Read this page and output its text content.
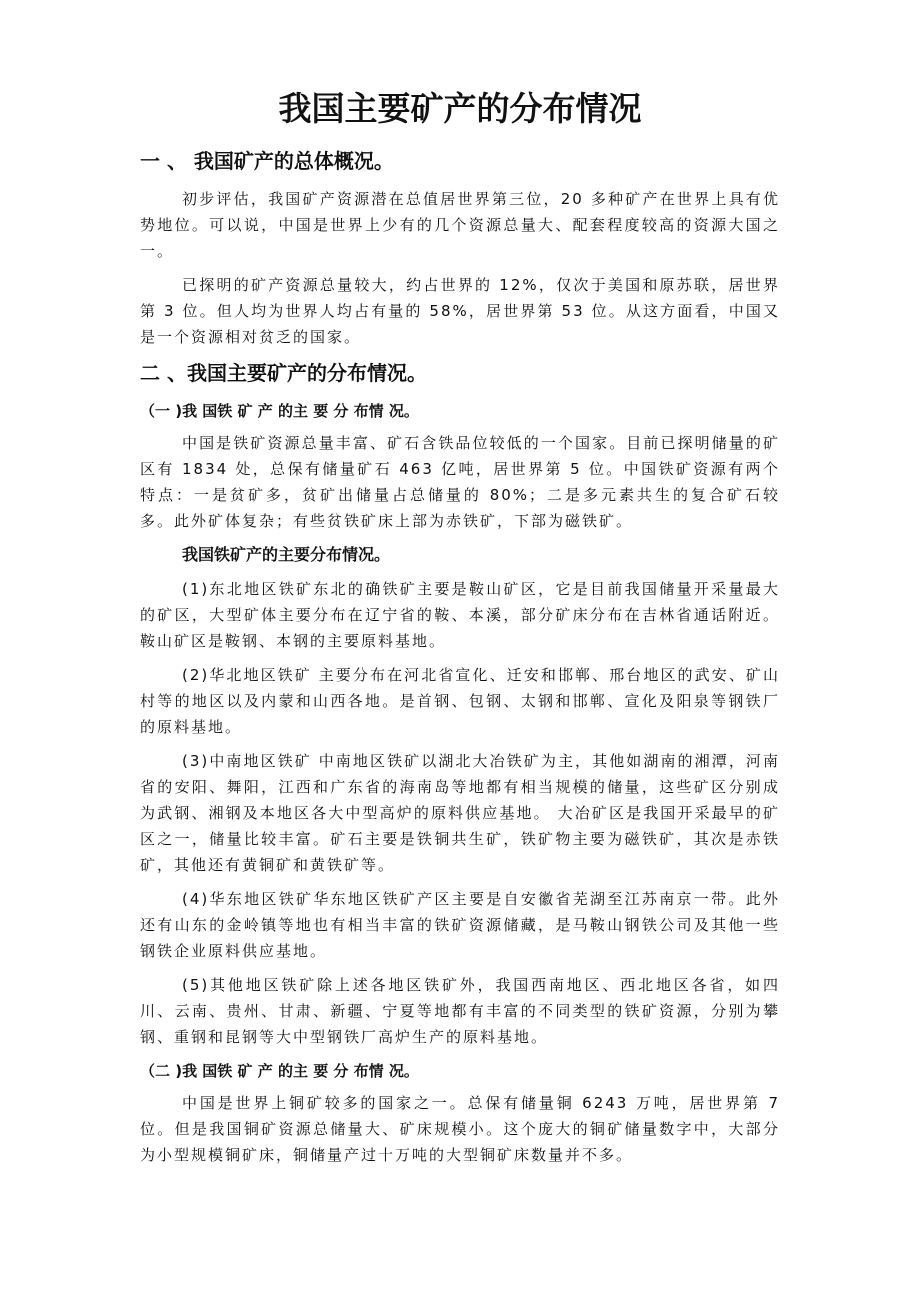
我国主要矿产的分布情况
一 、 我国矿产的总体概况。

初步评估，我国矿产资源潜在总值居世界第三位，20 多种矿产在世界上具有优势地位。可以说，中国是世界上少有的几个资源总量大、配套程度较高的资源大国之一。

已探明的矿产资源总量较大，约占世界的 12%，仅次于美国和原苏联，居世界第 3 位。但人均为世界人均占有量的 58%，居世界第 53 位。从这方面看，中国又是一个资源相对贫乏的国家。

二 、我国主要矿产的分布情况。
（一 )我 国铁 矿 产 的主 要 分 布情 况。

中国是铁矿资源总量丰富、矿石含铁品位较低的一个国家。目前已探明储量的矿区有 1834 处，总保有储量矿石 463 亿吨，居世界第 5 位。中国铁矿资源有两个特点：一是贫矿多，贫矿出储量占总储量的 80%；二是多元素共生的复合矿石较多。此外矿体复杂；有些贫铁矿床上部为赤铁矿，下部为磁铁矿。

我国铁矿产的主要分布情况。

(1)东北地区铁矿东北的确铁矿主要是鞍山矿区，它是目前我国储量开采量最大的矿区，大型矿体主要分布在辽宁省的鞍、本溪，部分矿床分布在吉林省通话附近。鞍山矿区是鞍钢、本钢的主要原料基地。

(2)华北地区铁矿 主要分布在河北省宣化、迁安和邯郸、邢台地区的武安、矿山村等的地区以及内蒙和山西各地。是首钢、包钢、太钢和邯郸、宣化及阳泉等钢铁厂的原料基地。

(3)中南地区铁矿 中南地区铁矿以湖北大冶铁矿为主，其他如湖南的湘潭，河南省的安阳、舞阳，江西和广东省的海南岛等地都有相当规模的储量，这些矿区分别成为武钢、湘钢及本地区各大中型高炉的原料供应基地。 大冶矿区是我国开采最早的矿区之一，储量比较丰富。矿石主要是铁铜共生矿，铁矿物主要为磁铁矿，其次是赤铁矿，其他还有黄铜矿和黄铁矿等。

(4)华东地区铁矿华东地区铁矿产区主要是自安徽省芜湖至江苏南京一带。此外还有山东的金岭镇等地也有相当丰富的铁矿资源储藏，是马鞍山钢铁公司及其他一些钢铁企业原料供应基地。

(5)其他地区铁矿除上述各地区铁矿外，我国西南地区、西北地区各省，如四川、云南、贵州、甘肃、新疆、宁夏等地都有丰富的不同类型的铁矿资源，分别为攀钢、重钢和昆钢等大中型钢铁厂高炉生产的原料基地。

（二 )我 国铁 矿 产 的主 要 分 布情 况。

中国是世界上铜矿较多的国家之一。总保有储量铜 6243 万吨，居世界第 7 位。但是我国铜矿资源总储量大、矿床规模小。这个庞大的铜矿储量数字中，大部分为小型规模铜矿床，铜储量产过十万吨的大型铜矿床数量并不多。
